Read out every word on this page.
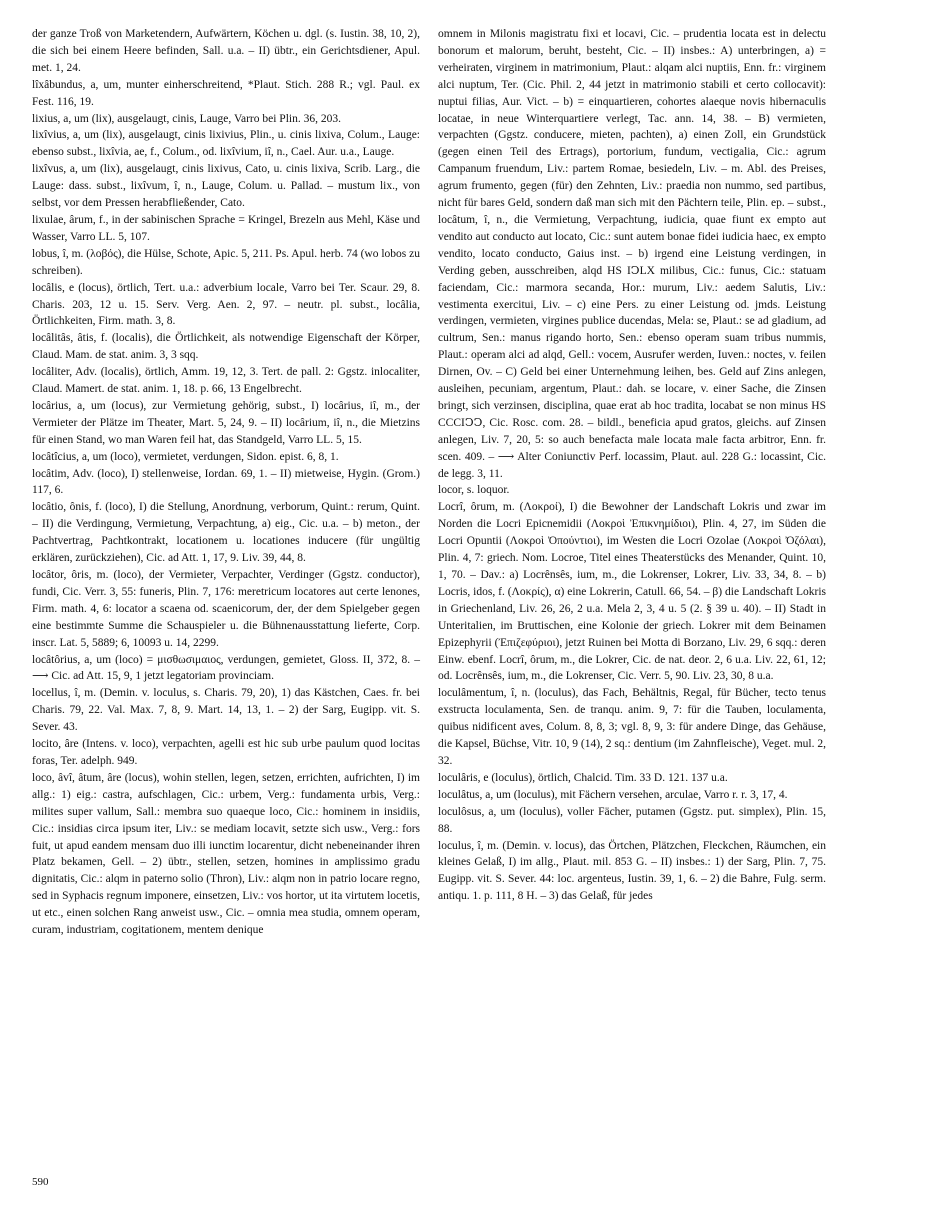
der ganze Troß von Marketendern, Aufwärtern, Köchen u. dgl. (s. Iustin. 38, 10, 2), die sich bei einem Heere befinden, Sall. u.a. – II) übtr., ein Gerichtsdiener, Apul. met. 1, 24.

lîxâbundus, a, um, munter einherschreitend, *Plaut. Stich. 288 R.; vgl. Paul. ex Fest. 116, 19.

lixius, a, um (lix), ausgelaugt, cinis, Lauge, Varro bei Plin. 36, 203.

lixîvius, a, um (lix), ausgelaugt, cinis lixivius, Plin., u. cinis lixiva, Colum., Lauge: ebenso subst., lixîvia, ae, f., Colum., od. lixîvium, iî, n., Cael. Aur. u.a., Lauge.

lixîvus, a, um (lix), ausgelaugt, cinis lixivus, Cato, u. cinis lixiva, Scrib. Larg., die Lauge: dass. subst., lixîvum, î, n., Lauge, Colum. u. Pallad. – mustum lix., von selbst, vor dem Pressen herabfließender, Cato.

lixulae, ârum, f., in der sabinischen Sprache = Kringel, Brezeln aus Mehl, Käse und Wasser, Varro LL. 5, 107.

lobus, î, m. (λοβός), die Hülse, Schote, Apic. 5, 211. Ps. Apul. herb. 74 (wo lobos zu schreiben).

locâlis, e (locus), örtlich, Tert. u.a.: adverbium locale, Varro bei Ter. Scaur. 29, 8. Charis. 203, 12 u. 15. Serv. Verg. Aen. 2, 97. – neutr. pl. subst., locâlia, Örtlichkeiten, Firm. math. 3, 8.

locâlitâs, âtis, f. (localis), die Örtlichkeit, als notwendige Eigenschaft der Körper, Claud. Mam. de stat. anim. 3, 3 sqq.

locâliter, Adv. (localis), örtlich, Amm. 19, 12, 3. Tert. de pall. 2: Ggstz. inlocaliter, Claud. Mamert. de stat. anim. 1, 18. p. 66, 13 Engelbrecht.

locârius, a, um (locus), zur Vermietung gehörig, subst., I) locârius, iî, m., der Vermieter der Plätze im Theater, Mart. 5, 24, 9. – II) locârium, iî, n., die Mietzins für einen Stand, wo man Waren feil hat, das Standgeld, Varro LL. 5, 15.

locâtîcius, a, um (loco), vermietet, verdungen, Sidon. epist. 6, 8, 1.

locâtim, Adv. (loco), I) stellenweise, Iordan. 69, 1. – II) mietweise, Hygin. (Grom.) 117, 6.

locâtio, ônis, f. (loco), I) die Stellung, Anordnung, verborum, Quint.: rerum, Quint. – II) die Verdingung, Vermietung, Verpachtung, a) eig., Cic. u.a. – b) meton., der Pachtvertrag, Pachtkontrakt, locationem u. locationes inducere (für ungültig erklären, zurückziehen), Cic. ad Att. 1, 17, 9. Liv. 39, 44, 8.

locâtor, ôris, m. (loco), der Vermieter, Verpachter, Verdinger (Ggstz. conductor), fundi, Cic. Verr. 3, 55: funeris, Plin. 7, 176: meretricum locatores aut certe lenones, Firm. math. 4, 6: locator a scaena od. scaenicorum, der, der dem Spielgeber gegen eine bestimmte Summe die Schauspieler u. die Bühnenausstattung lieferte, Corp. inscr. Lat. 5, 5889; 6, 10093 u. 14, 2299.

locâtôrius, a, um (loco) = μισθωσιμαιος, verdungen, gemietet, Gloss. II, 372, 8. – ⟶ Cic. ad Att. 15, 9, 1 jetzt legatoriam provinciam.

locellus, î, m. (Demin. v. loculus, s. Charis. 79, 20), 1) das Kästchen, Caes. fr. bei Charis. 79, 22. Val. Max. 7, 8, 9. Mart. 14, 13, 1. – 2) der Sarg, Eugipp. vit. S. Sever. 43.

locito, âre (Intens. v. loco), verpachten, agelli est hic sub urbe paulum quod locitas foras, Ter. adelph. 949.

loco, âvî, âtum, âre (locus), wohin stellen, legen, setzen, errichten, aufrichten, I) im allg.: 1) eig.: castra, aufschlagen, Cic.: urbem, Verg.: fundamenta urbis, Verg.: milites super vallum, Sall.: membra suo quaeque loco, Cic.: hominem in insidiis, Cic.: insidias circa ipsum iter, Liv.: se mediam locavit, setzte sich usw., Verg.: fors fuit, ut apud eandem mensam duo illi iunctim locarentur, dicht nebeneinander ihren Platz bekamen, Gell. – 2) übtr., stellen, setzen, homines in amplissimo gradu dignitatis, Cic.: alqm in paterno solio (Thron), Liv.: alqm non in patrio locare regno, sed in Syphacis regnum imponere, einsetzen, Liv.: vos hortor, ut ita virtutem locetis, ut etc., einen solchen Rang anweist usw., Cic. – omnia mea studia, omnem operam, curam, industriam, cogitationem, mentem denique

omnem in Milonis magistratu fixi et locavi, Cic. – prudentia locata est in delectu bonorum et malorum, beruht, besteht, Cic. – II) insbes.: A) unterbringen, a) = verheiraten, virginem in matrimonium, Plaut.: alqam alci nuptiis, Enn. fr.: virginem alci nuptum, Ter. (Cic. Phil. 2, 44 jetzt in matrimonio stabili et certo collocavit): nuptui filias, Aur. Vict. – b) = einquartieren, cohortes alaeque novis hibernaculis locatae, in neue Winterquartiere verlegt, Tac. ann. 14, 38. – B) vermieten, verpachten (Ggstz. conducere, mieten, pachten), a) einen Zoll, ein Grundstück (gegen einen Teil des Ertrags), portorium, fundum, vectigalia, Cic.: agrum Campanum fruendum, Liv.: partem Romae, besiedeln, Liv. – m. Abl. des Preises, agrum frumento, gegen (für) den Zehnten, Liv.: praedia non nummo, sed partibus, nicht für bares Geld, sondern daß man sich mit den Pächtern teile, Plin. ep. – subst., locâtum, î, n., die Vermietung, Verpachtung, iudicia, quae fiunt ex empto aut vendito aut conducto aut locato, Cic.: sunt autem bonae fidei iudicia haec, ex empto vendito, locato conducto, Gaius inst. – b) irgend eine Leistung verdingen, in Verding geben, ausschreiben, alqd HS IↃLX milibus, Cic.: funus, Cic.: statuam faciendam, Cic.: marmora secanda, Hor.: murum, Liv.: aedem Salutis, Liv.: vestimenta exercitui, Liv. – c) eine Pers. zu einer Leistung od. jmds. Leistung verdingen, vermieten, virgines publice ducendas, Mela: se, Plaut.: se ad gladium, ad cultrum, Sen.: manus rigando horto, Sen.: ebenso operam suam tribus nummis, Plaut.: operam alci ad alqd, Gell.: vocem, Ausrufer werden, Iuven.: noctes, v. feilen Dirnen, Ov. – C) Geld bei einer Unternehmung leihen, bes. Geld auf Zins anlegen, ausleihen, pecuniam, argentum, Plaut.: dah. se locare, v. einer Sache, die Zinsen bringt, sich verzinsen, disciplina, quae erat ab hoc tradita, locabat se non minus HS CCCIↃↃ, Cic. Rosc. com. 28. – bildl., beneficia apud gratos, gleichs. auf Zinsen anlegen, Liv. 7, 20, 5: so auch benefacta male locata male facta arbitror, Enn. fr. scen. 409. – ⟶ Alter Coniunctiv Perf. locassim, Plaut. aul. 228 G.: locassint, Cic. de legg. 3, 11.

locor, s. loquor.

Locrî, ôrum, m. (Λοκροί), I) die Bewohner der Landschaft Lokris und zwar im Norden die Locri Epicnemidii (Λοκροὶ Ἐπικνημίδιοι), Plin. 4, 27, im Süden die Locri Opuntii (Λοκροὶ Ὀπούντιοι), im Westen die Locri Ozolae (Λοκροὶ Ὀζόλαι), Plin. 4, 7: griech. Nom. Locroe, Titel eines Theaterstücks des Menander, Quint. 10, 1, 70. – Dav.: a) Locrênsês, ium, m., die Lokrenser, Lokrer, Liv. 33, 34, 8. – b) Locris, idos, f. (Λοκρίς), α) eine Lokrerin, Catull. 66, 54. – β) die Landschaft Lokris in Griechenland, Liv. 26, 26, 2 u.a. Mela 2, 3, 4 u. 5 (2. § 39 u. 40). – II) Stadt in Unteritalien, im Bruttischen, eine Kolonie der griech. Lokrer mit dem Beinamen Epizephyrii (Ἐπιζεφύριοι), jetzt Ruinen bei Motta di Borzano, Liv. 29, 6 sqq.: deren Einw. ebenf. Locrî, ôrum, m., die Lokrer, Cic. de nat. deor. 2, 6 u.a. Liv. 22, 61, 12; od. Locrênsês, ium, m., die Lokrenser, Cic. Verr. 5, 90. Liv. 23, 30, 8 u.a.

loculâmentum, î, n. (loculus), das Fach, Behältnis, Regal, für Bücher, tecto tenus exstructa loculamenta, Sen. de tranqu. anim. 9, 7: für die Tauben, loculamenta, quibus nidificent aves, Colum. 8, 8, 3; vgl. 8, 9, 3: für andere Dinge, das Gehäuse, die Kapsel, Büchse, Vitr. 10, 9 (14), 2 sq.: dentium (im Zahnfleische), Veget. mul. 2, 32.

loculâris, e (loculus), örtlich, Chalcid. Tim. 33 D. 121. 137 u.a.

loculâtus, a, um (loculus), mit Fächern versehen, arculae, Varro r. r. 3, 17, 4.

loculôsus, a, um (loculus), voller Fächer, putamen (Ggstz. put. simplex), Plin. 15, 88.

loculus, î, m. (Demin. v. locus), das Örtchen, Plätzchen, Fleckchen, Räumchen, ein kleines Gelaß, I) im allg., Plaut. mil. 853 G. – II) insbes.: 1) der Sarg, Plin. 7, 75. Eugipp. vit. S. Sever. 44: loc. argenteus, Iustin. 39, 1, 6. – 2) die Bahre, Fulg. serm. antiqu. 1. p. 111, 8 H. – 3) das Gelaß, für jedes

590
